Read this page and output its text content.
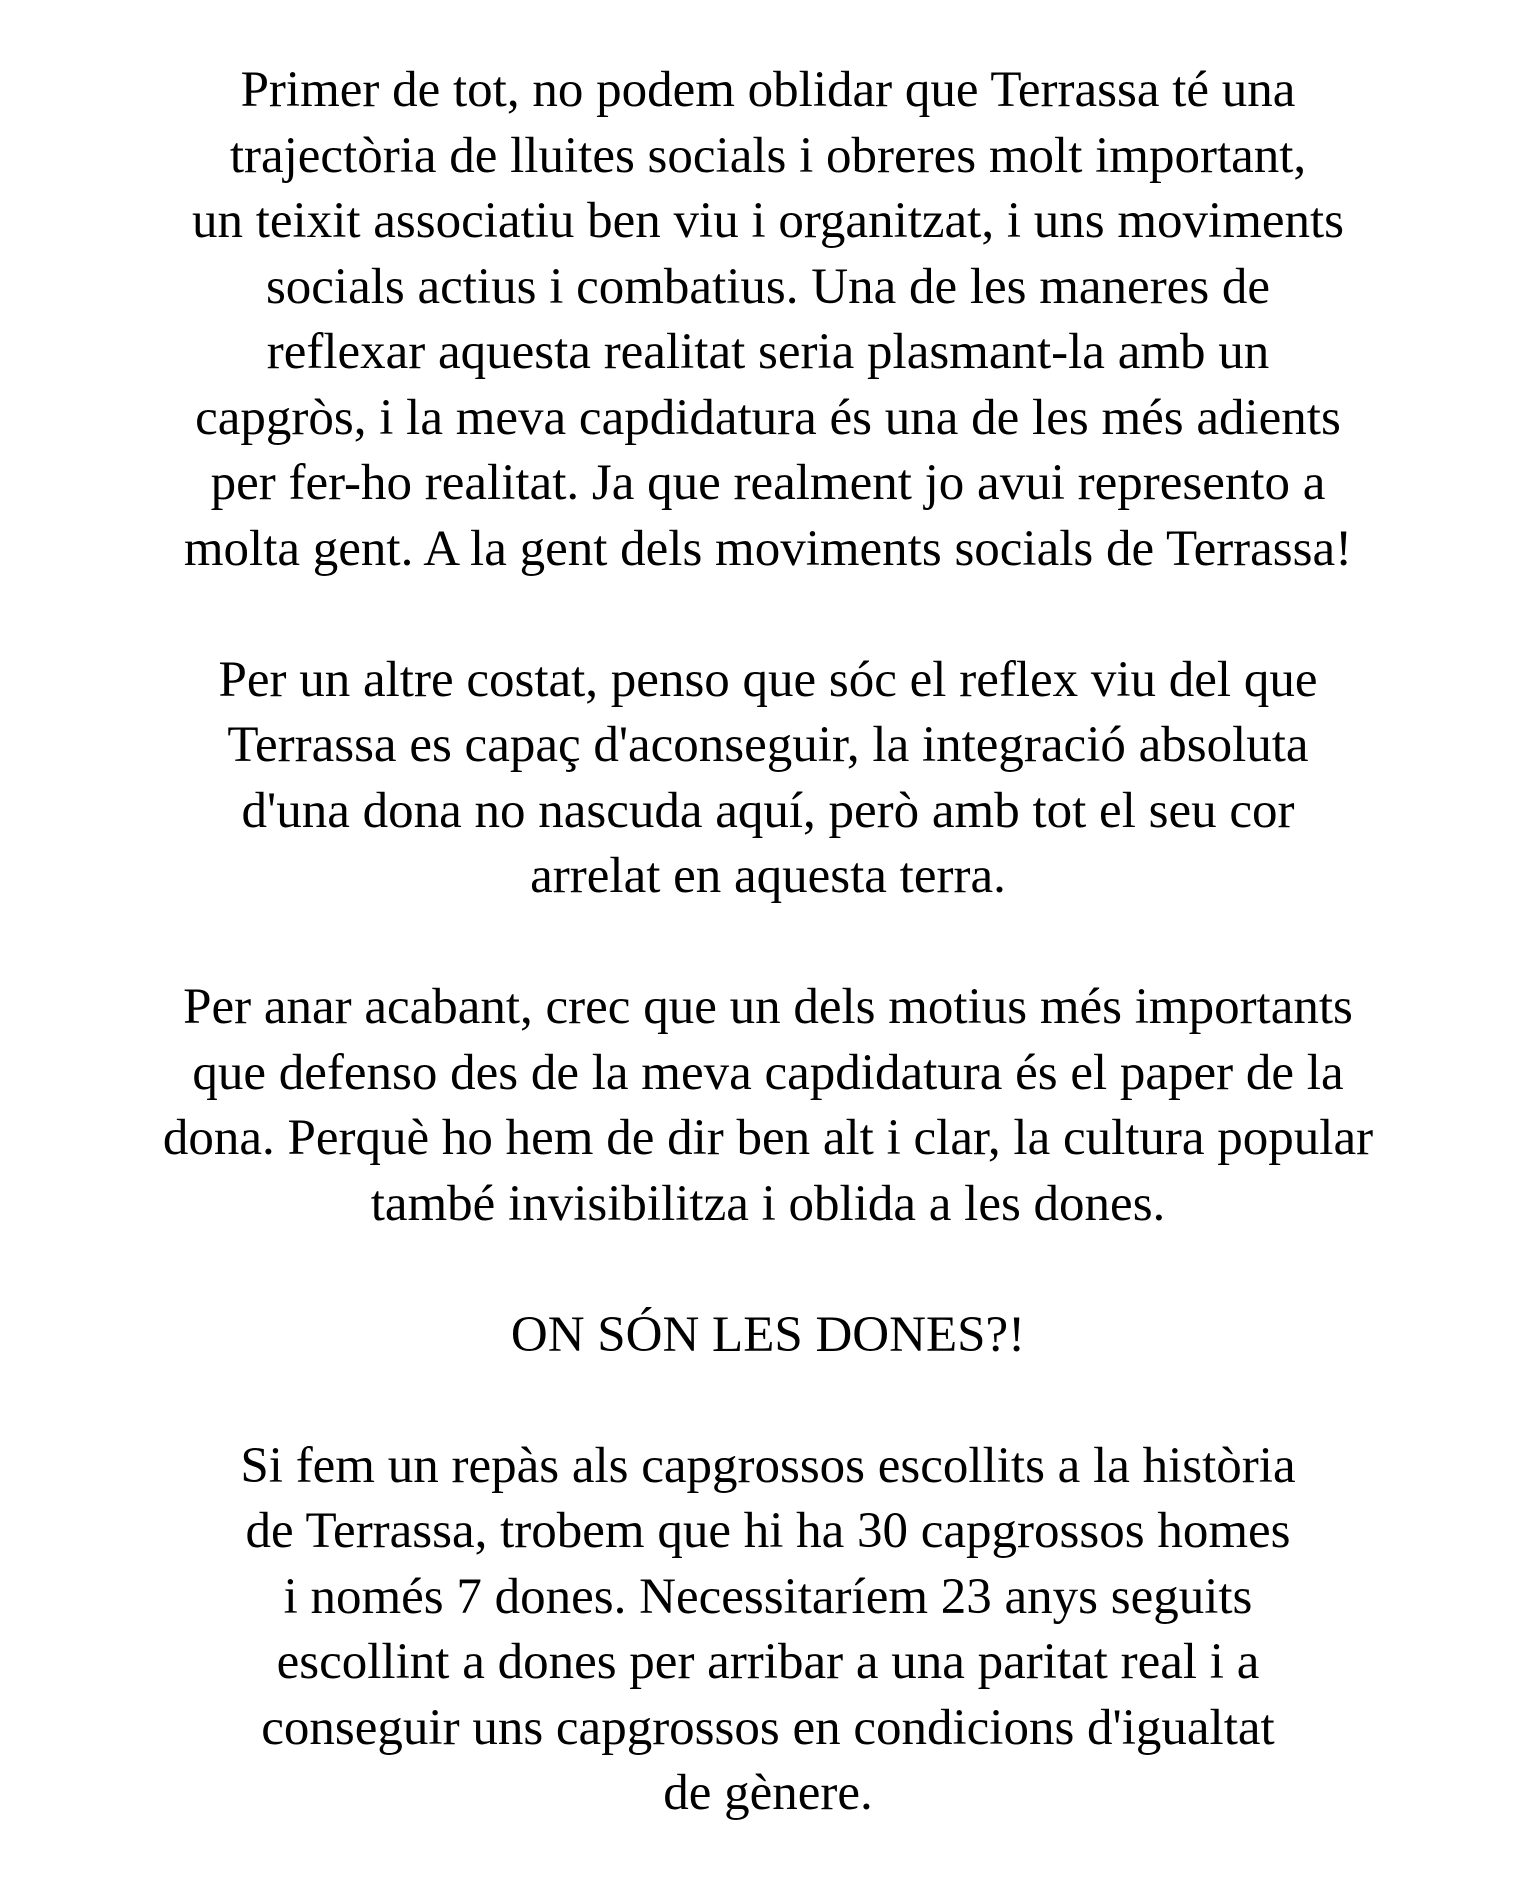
Primer de tot, no podem oblidar que Terrassa té una
trajectòria de lluites socials i obreres molt important,
un teixit associatiu ben viu i organitzat, i uns moviments
socials actius i combatius. Una de les maneres de
reflexar aquesta realitat seria plasmant-la amb un
capgròs, i la meva capdidatura és una de les més adients
per fer-ho realitat. Ja que realment jo avui represento a
molta gent. A la gent dels moviments socials de Terrassa!

Per un altre costat, penso que sóc el reflex viu del que
Terrassa es capaç d'aconseguir, la integració absoluta
d'una dona no nascuda aquí, però amb tot el seu cor
arrelat en aquesta terra.

Per anar acabant, crec que un dels motius més importants
que defenso des de la meva capdidatura és el paper de la
dona. Perquè ho hem de dir ben alt i clar, la cultura popular
també invisibilitza i oblida a les dones.

ON SÓN LES DONES?!

Si fem un repàs als capgrossos escollits a la història
de Terrassa, trobem que hi ha 30 capgrossos homes
i només 7 dones. Necessitaríem 23 anys seguits
escollint a dones per arribar a una paritat real i a
conseguir uns capgrossos en condicions d'igualtat
de gènere.
